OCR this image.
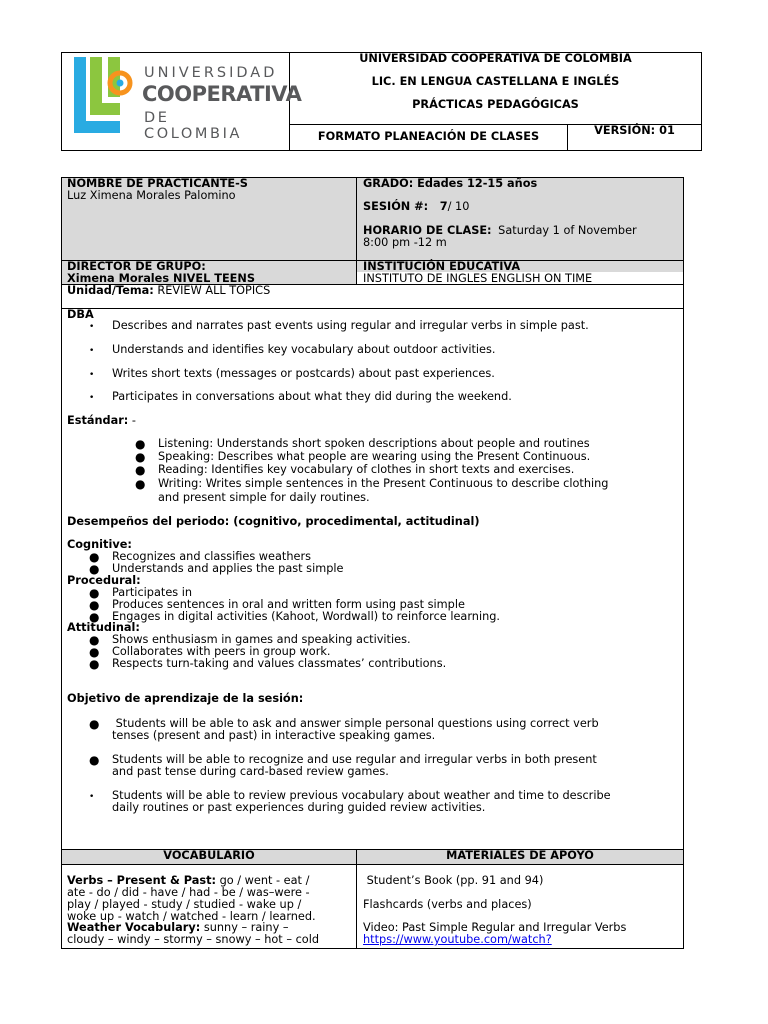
UNIVERSIDAD
COOPERATIVA
DE COLOMBIA
UNIVERSIDAD COOPERATIVA DE COLOMBIA
LIC. EN LENGUA CASTELLANA E INGLÉS
PRÁCTICAS PEDAGÓGICAS
FORMATO PLANEACIÓN DE CLASES	VERSIÓN: 01
NOMBRE DE PRACTICANTE-S
Luz Ximena Morales Palomino
GRADO: Edades 12-15 años
SESIÓN #: 7/ 10
HORARIO DE CLASE: Saturday 1 of November
8:00 pm -12 m
DIRECTOR DE GRUPO:
Ximena Morales NIVEL TEENS
INSTITUCIÓN EDUCATIVA
INSTITUTO DE INGLES ENGLISH ON TIME
Unidad/Tema: REVIEW ALL TOPICS
DBA
• Describes and narrates past events using regular and irregular verbs in simple past.
• Understands and identifies key vocabulary about outdoor activities.
• Writes short texts (messages or postcards) about past experiences.
• Participates in conversations about what they did during the weekend.
Estándar: -
● Listening: Understands short spoken descriptions about people and routines
● Speaking: Describes what people are wearing using the Present Continuous.
● Reading: Identifies key vocabulary of clothes in short texts and exercises.
● Writing: Writes simple sentences in the Present Continuous to describe clothing
and present simple for daily routines.
Desempeños del periodo: (cognitivo, procedimental, actitudinal)
Cognitive:
● Recognizes and classifies weathers
● Understands and applies the past simple
Procedural:
● Participates in
● Produces sentences in oral and written form using past simple
● Engages in digital activities (Kahoot, Wordwall) to reinforce learning.
Attitudinal:
● Shows enthusiasm in games and speaking activities.
● Collaborates with peers in group work.
● Respects turn-taking and values classmates’ contributions.
Objetivo de aprendizaje de la sesión:
● Students will be able to ask and answer simple personal questions using correct verb
tenses (present and past) in interactive speaking games.
● Students will be able to recognize and use regular and irregular verbs in both present
and past tense during card-based review games.
• Students will be able to review previous vocabulary about weather and time to describe
daily routines or past experiences during guided review activities.
VOCABULARIO	MATERIALES DE APOYO
Verbs – Present & Past: go / went - eat /
ate - do / did - have / had - be / was–were -
play / played - study / studied - wake up /
woke up - watch / watched - learn / learned.
Weather Vocabulary: sunny – rainy –
cloudy – windy – stormy – snowy – hot – cold
Student’s Book (pp. 91 and 94)
Flashcards (verbs and places)
Video: Past Simple Regular and Irregular Verbs
https://www.youtube.com/watch?
